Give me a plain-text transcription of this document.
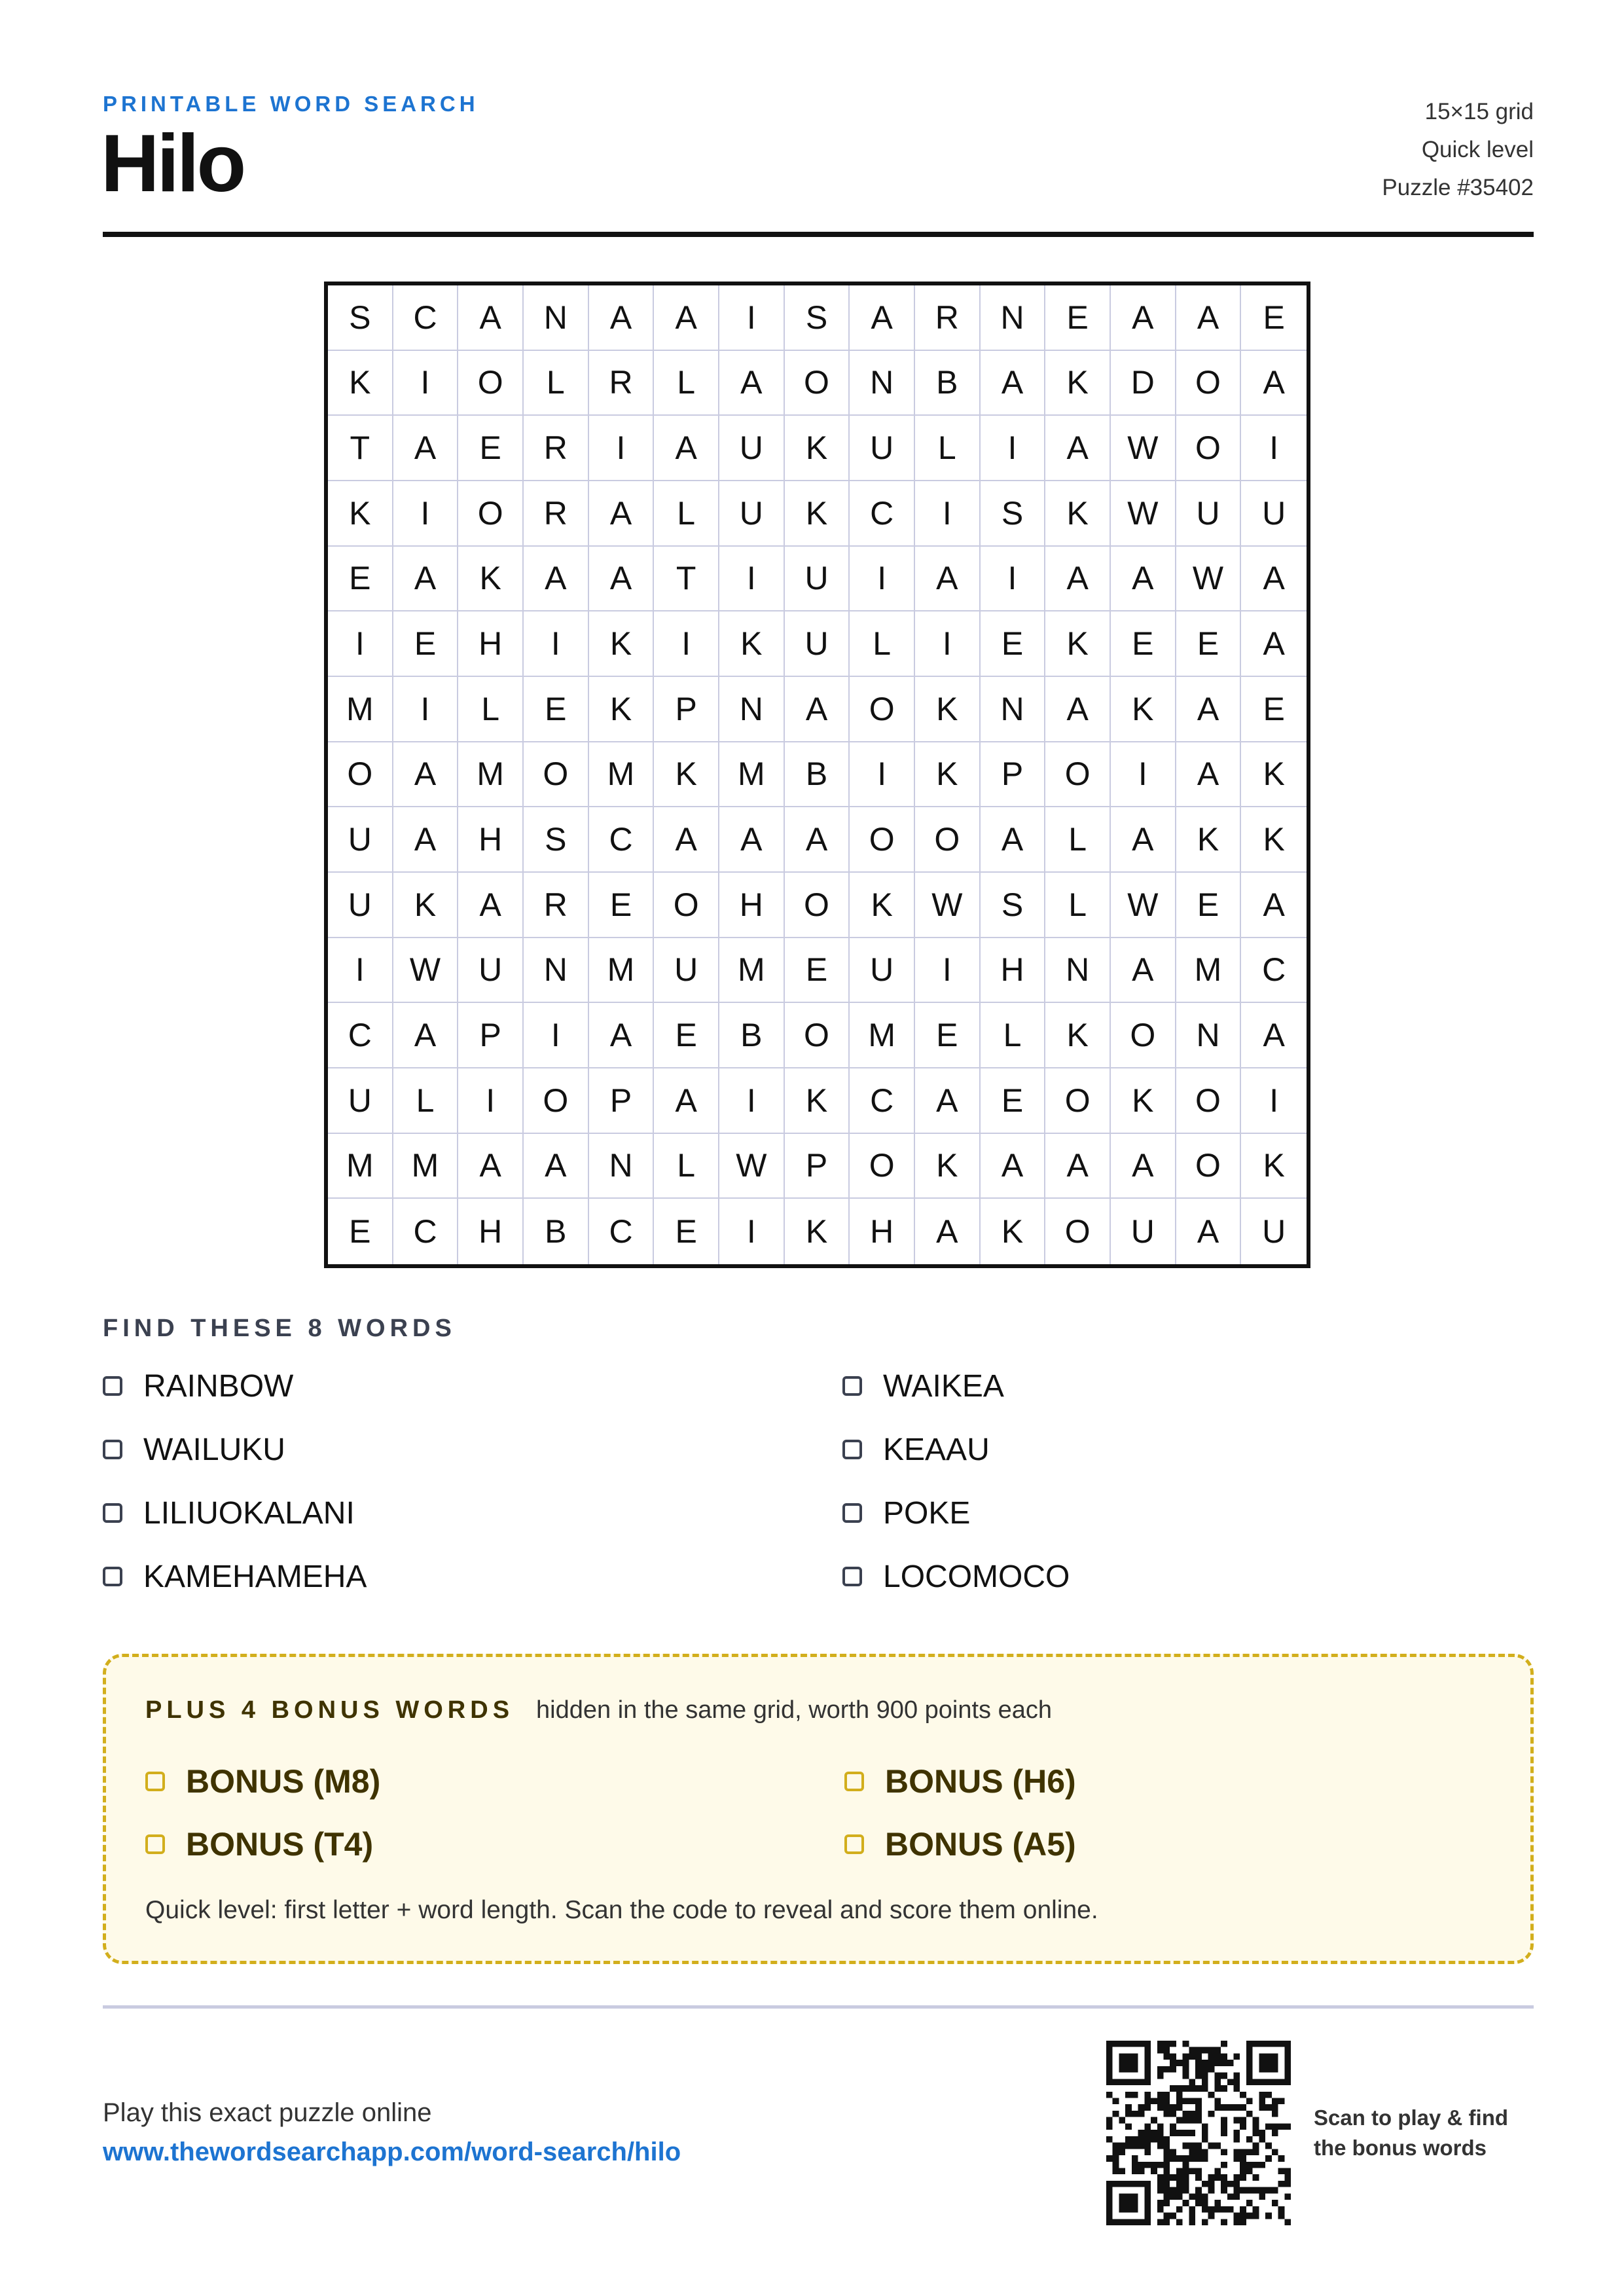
PRINTABLE WORD SEARCH
Hilo
15×15 grid
Quick level
Puzzle #35402
S	C	A	N	A	A	I	S	A	R	N	E	A	A	E
K	I	O	L	R	L	A	O	N	B	A	K	D	O	A
T	A	E	R	I	A	U	K	U	L	I	A	W	O	I
K	I	O	R	A	L	U	K	C	I	S	K	W	U	U
E	A	K	A	A	T	I	U	I	A	I	A	A	W	A
I	E	H	I	K	I	K	U	L	I	E	K	E	E	A
M	I	L	E	K	P	N	A	O	K	N	A	K	A	E
O	A	M	O	M	K	M	B	I	K	P	O	I	A	K
U	A	H	S	C	A	A	A	O	O	A	L	A	K	K
U	K	A	R	E	O	H	O	K	W	S	L	W	E	A
I	W	U	N	M	U	M	E	U	I	H	N	A	M	C
C	A	P	I	A	E	B	O	M	E	L	K	O	N	A
U	L	I	O	P	A	I	K	C	A	E	O	K	O	I
M	M	A	A	N	L	W	P	O	K	A	A	A	O	K
E	C	H	B	C	E	I	K	H	A	K	O	U	A	U
FIND THESE 8 WORDS
RAINBOW
WAILUKU
LILIUOKALANI
KAMEHAMEHA
WAIKEA
KEAAU
POKE
LOCOMOCO
PLUS 4 BONUS WORDS hidden in the same grid, worth 900 points each
BONUS (M8)
BONUS (T4)
BONUS (H6)
BONUS (A5)
Quick level: first letter + word length. Scan the code to reveal and score them online.
Play this exact puzzle online
www.thewordsearchapp.com/word-search/hilo
Scan to play & find
the bonus words
